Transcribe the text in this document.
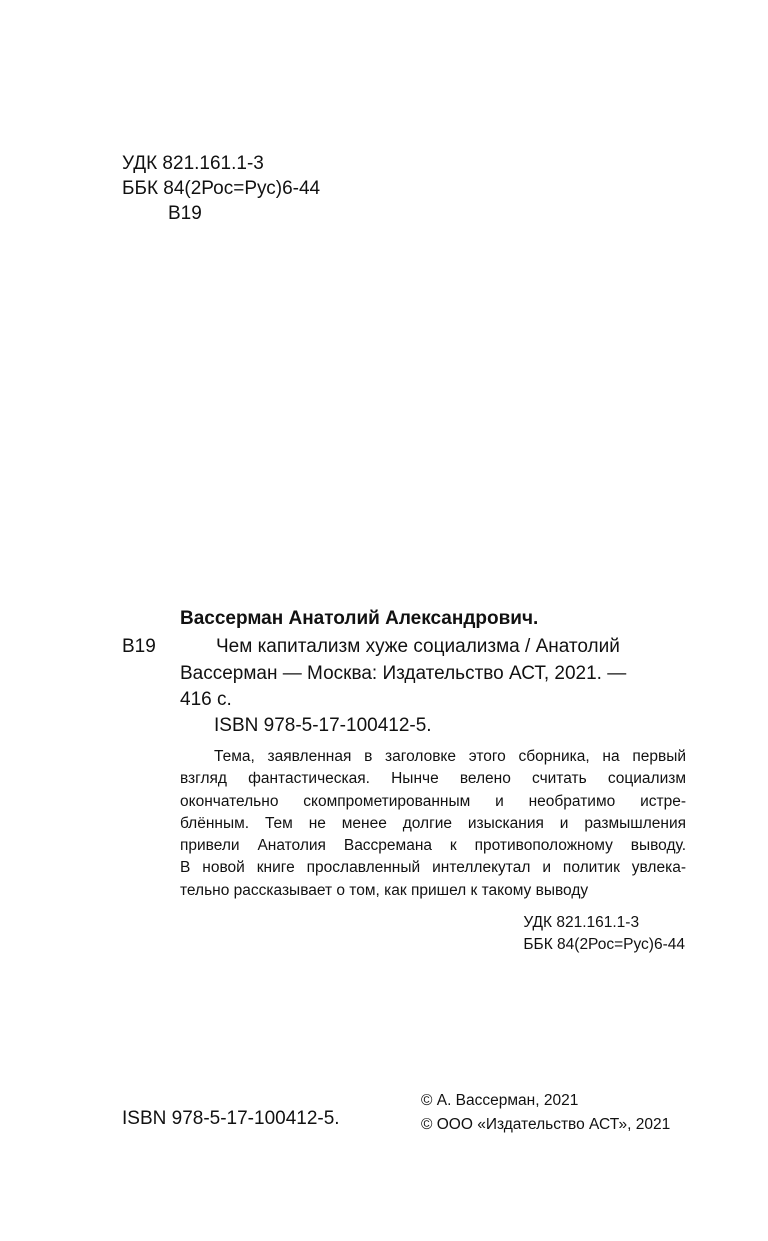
УДК 821.161.1-3
ББК 84(2Рос=Рус)6-44
В19
Вассерман Анатолий Александрович.
В19	Чем капитализм хуже социализма / Анатолий
Вассерман — Москва: Издательство АСТ, 2021. —
416 с.
ISBN 978-5-17-100412-5.

Тема, заявленная в заголовке этого сборника, на первый

взгляд фантастическая. Нынче велено считать социализм

окончательно скомпрометированным и необратимо истре-

блённым. Тем не менее долгие изыскания и размышления

привели Анатолия Вассремана к противоположному выводу.

В новой книге прославленный интеллекутал и политик увлека-

тельно рассказывает о том, как пришел к такому выводу

УДК 821.161.1-3
ББК 84(2Рос=Рус)6-44
ISBN 978-5-17-100412-5.
© А. Вассерман, 2021
© ООО «Издательство АСТ», 2021
